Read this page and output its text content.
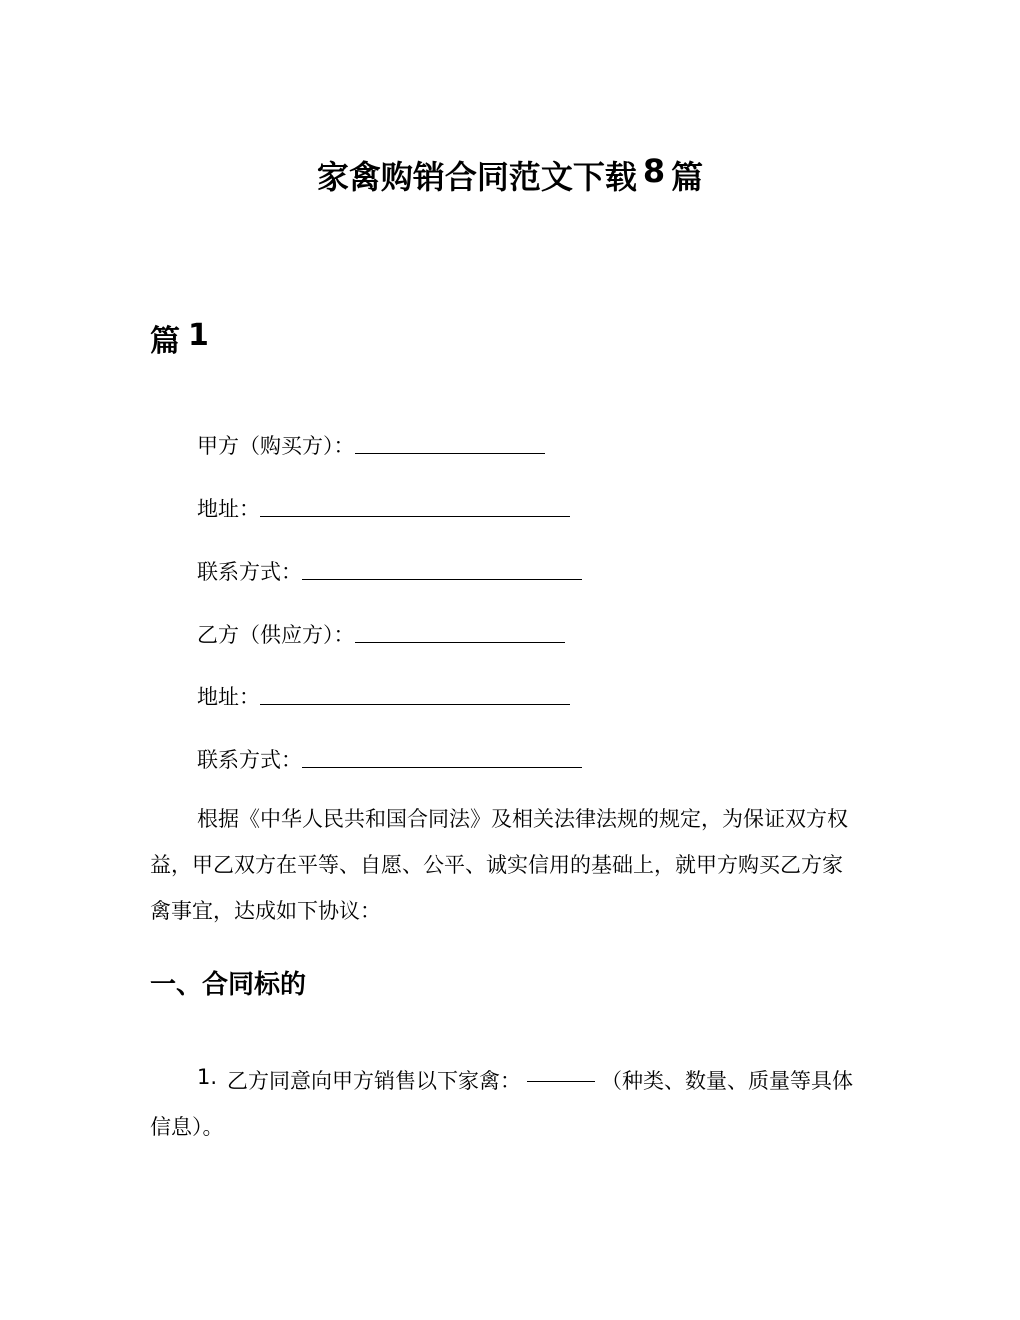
家禽购销合同范文下载 8 篇
篇 1
甲方（购买方）：
地址：
联系方式：
乙方（供应方）：
地址：
联系方式：
根据《中华人民共和国合同法》及相关法律法规的规定，为保证双方权益，甲乙双方在平等、自愿、公平、诚实信用的基础上，就甲方购买乙方家禽事宜，达成如下协议：
一、合同标的
1. 乙方同意向甲方销售以下家禽：	（种类、数量、质量等具体信息）。
